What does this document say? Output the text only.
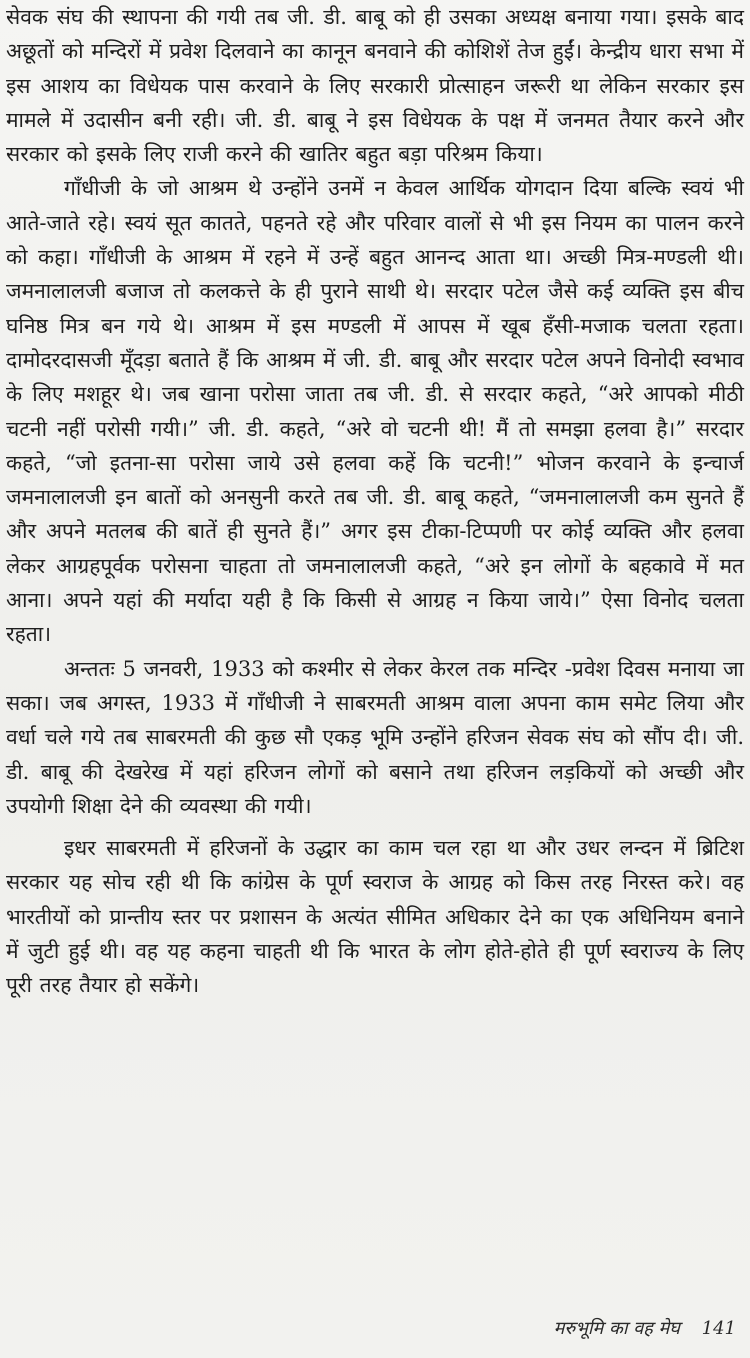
सेवक संघ की स्थापना की गयी तब जी. डी. बाबू को ही उसका अध्यक्ष बनाया गया। इसके बाद अछूतों को मन्दिरों में प्रवेश दिलवाने का कानून बनवाने की कोशिशें तेज हुईं। केन्द्रीय धारा सभा में इस आशय का विधेयक पास करवाने के लिए सरकारी प्रोत्साहन जरूरी था लेकिन सरकार इस मामले में उदासीन बनी रही। जी. डी. बाबू ने इस विधेयक के पक्ष में जनमत तैयार करने और सरकार को इसके लिए राजी करने की खातिर बहुत बड़ा परिश्रम किया।

गाँधीजी के जो आश्रम थे उन्होंने उनमें न केवल आर्थिक योगदान दिया बल्कि स्वयं भी आते-जाते रहे। स्वयं सूत कातते, पहनते रहे और परिवार वालों से भी इस नियम का पालन करने को कहा। गाँधीजी के आश्रम में रहने में उन्हें बहुत आनन्द आता था। अच्छी मित्र-मण्डली थी। जमनालालजी बजाज तो कलकत्ते के ही पुराने साथी थे। सरदार पटेल जैसे कई व्यक्ति इस बीच घनिष्ठ मित्र बन गये थे। आश्रम में इस मण्डली में आपस में खूब हँसी-मजाक चलता रहता। दामोदरदासजी मूँदड़ा बताते हैं कि आश्रम में जी. डी. बाबू और सरदार पटेल अपने विनोदी स्वभाव के लिए मशहूर थे। जब खाना परोसा जाता तब जी. डी. से सरदार कहते, “अरे आपको मीठी चटनी नहीं परोसी गयी।” जी. डी. कहते, “अरे वो चटनी थी! मैं तो समझा हलवा है।” सरदार कहते, “जो इतना-सा परोसा जाये उसे हलवा कहें कि चटनी!” भोजन करवाने के इन्चार्ज जमनालालजी इन बातों को अनसुनी करते तब जी. डी. बाबू कहते, “जमनालालजी कम सुनते हैं और अपने मतलब की बातें ही सुनते हैं।” अगर इस टीका-टिप्पणी पर कोई व्यक्ति और हलवा लेकर आग्रहपूर्वक परोसना चाहता तो जमनालालजी कहते, “अरे इन लोगों के बहकावे में मत आना। अपने यहां की मर्यादा यही है कि किसी से आग्रह न किया जाये।” ऐसा विनोद चलता रहता।

अन्ततः 5 जनवरी, 1933 को कश्मीर से लेकर केरल तक मन्दिर -प्रवेश दिवस मनाया जा सका। जब अगस्त, 1933 में गाँधीजी ने साबरमती आश्रम वाला अपना काम समेट लिया और वर्धा चले गये तब साबरमती की कुछ सौ एकड़ भूमि उन्होंने हरिजन सेवक संघ को सौंप दी। जी. डी. बाबू की देखरेख में यहां हरिजन लोगों को बसाने तथा हरिजन लड़कियों को अच्छी और उपयोगी शिक्षा देने की व्यवस्था की गयी।

इधर साबरमती में हरिजनों के उद्धार का काम चल रहा था और उधर लन्दन में ब्रिटिश सरकार यह सोच रही थी कि कांग्रेस के पूर्ण स्वराज के आग्रह को किस तरह निरस्त करे। वह भारतीयों को प्रान्तीय स्तर पर प्रशासन के अत्यंत सीमित अधिकार देने का एक अधिनियम बनाने में जुटी हुई थी। वह यह कहना चाहती थी कि भारत के लोग होते-होते ही पूर्ण स्वराज्य के लिए पूरी तरह तैयार हो सकेंगे।

मरुभूमि का वह मेघ 141
